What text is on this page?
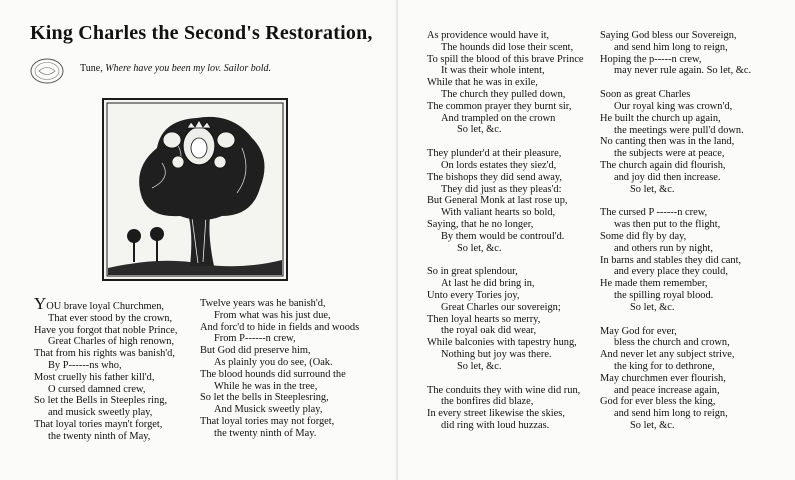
King Charles the Second's Restoration,
Tune, Where have you been my lov. Sailor bold.
YOU brave loyal Churchmen,
That ever stood by the crown,
Have you forgot that noble Prince,
Great Charles of high renown,
That from his rights was banish'd,
By P------ns who,
Most cruelly his father kill'd,
O cursed damned crew,
So let the Bells in Steeples ring,
and musick sweetly play,
That loyal tories mayn't forget,
the twenty ninth of May,
Twelve years was he banish'd,
From what was his just due,
And forc'd to hide in fields and woods
From P------n crew,
But God did preserve him,
As plainly you do see, (Oak.
The blood hounds did surround the
While he was in the tree,
So let the bells in Steeplesring,
And Musick sweetly play,
That loyal tories may not forget,
the twenty ninth of May.
As providence would have it,
The hounds did lose their scent,
To spill the blood of this brave Prince
It was their whole intent,
While that he was in exile,
The church they pulled down,
The common prayer they burnt sir,
And trampled on the crown
So let, &c.
They plunder'd at their pleasure,
On lords estates they siez'd,
The bishops they did send away,
They did just as they pleas'd:
But General Monk at last rose up,
With valiant hearts so bold,
Saying, that he no longer,
By them would be controul'd.
So let, &c.
So in great splendour,
At last he did bring in,
Unto every Tories joy,
Great Charles our sovereign;
Then loyal hearts so merry,
the royal oak did wear,
While balconies with tapestry hung,
Nothing but joy was there.
So let, &c.
The conduits they with wine did run,
the bonfires did blaze,
In every street likewise the skies,
did ring with loud huzzas.
Saying God bless our Sovereign,
and send him long to reign,
Hoping the p-----n crew,
may never rule again. So let, &c.
Soon as great Charles
Our royal king was crown'd,
He built the church up again,
the meetings were pull'd down.
No canting then was in the land,
the subjects were at peace,
The church again did flourish,
and joy did then increase.
So let, &c.
The cursed P ------n crew,
was then put to the flight,
Some did fly by day,
and others run by night,
In barns and stables they did cant,
and every place they could,
He made them remember,
the spilling royal blood.
So let, &c.
May God for ever,
bless the church and crown,
And never let any subject strive,
the king for to dethrone,
May churchmen ever flourish,
and peace increase again,
God for ever bless the king,
and send him long to reign,
So let, &c.
